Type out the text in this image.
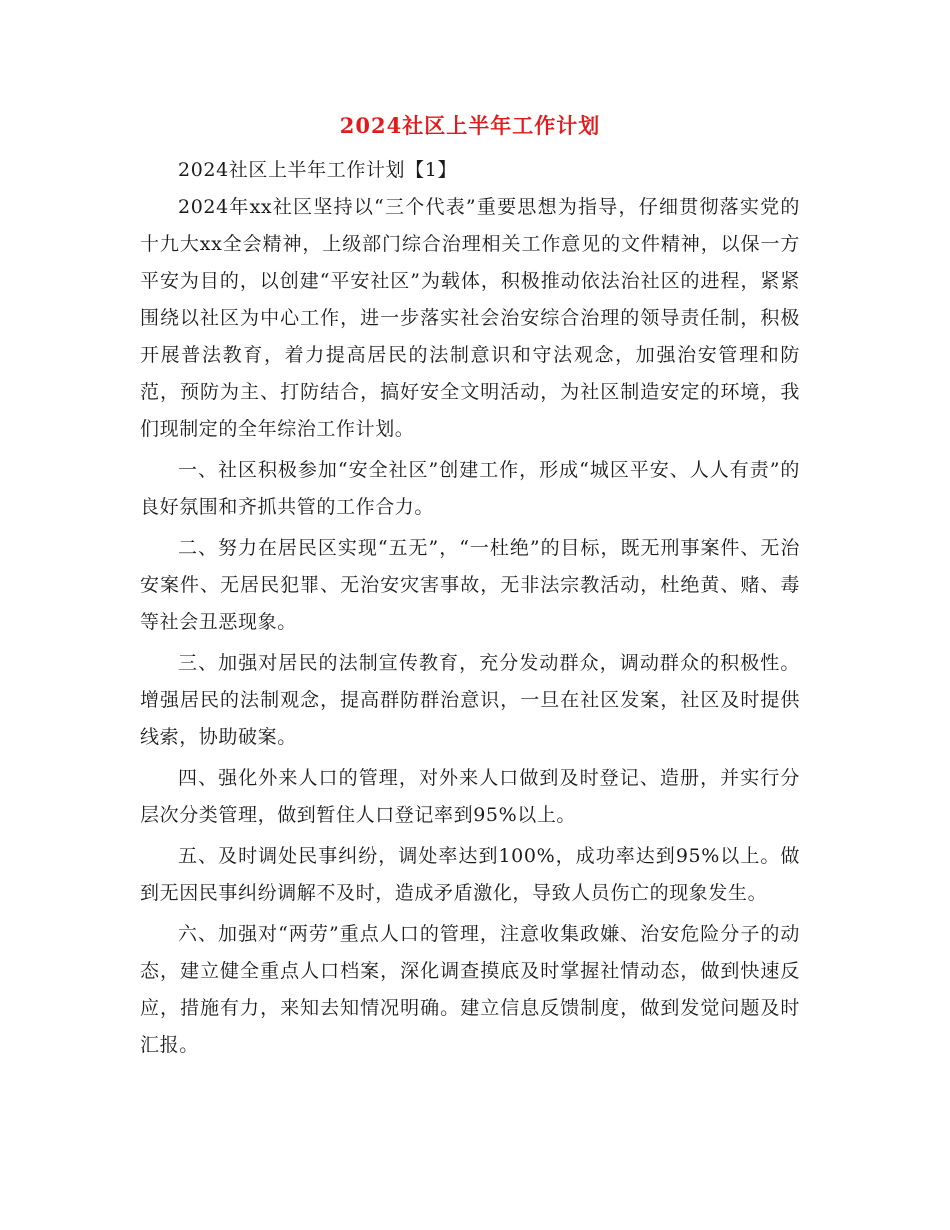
2024社区上半年工作计划

2024社区上半年工作计划【1】

2024年xx社区坚持以“三个代表”重要思想为指导，仔细贯彻落实党的十九大xx全会精神，上级部门综合治理相关工作意见的文件精神，以保一方平安为目的，以创建“平安社区”为载体，积极推动依法治社区的进程，紧紧围绕以社区为中心工作，进一步落实社会治安综合治理的领导责任制，积极开展普法教育，着力提高居民的法制意识和守法观念，加强治安管理和防范，预防为主、打防结合，搞好安全文明活动，为社区制造安定的环境，我们现制定的全年综治工作计划。

一、社区积极参加“安全社区”创建工作，形成“城区平安、人人有责”的良好氛围和齐抓共管的工作合力。

二、努力在居民区实现“五无”，“一杜绝”的目标，既无刑事案件、无治安案件、无居民犯罪、无治安灾害事故，无非法宗教活动，杜绝黄、赌、毒等社会丑恶现象。

三、加强对居民的法制宣传教育，充分发动群众，调动群众的积极性。增强居民的法制观念，提高群防群治意识，一旦在社区发案，社区及时提供线索，协助破案。

四、强化外来人口的管理，对外来人口做到及时登记、造册，并实行分层次分类管理，做到暂住人口登记率到95%以上。

五、及时调处民事纠纷，调处率达到100%，成功率达到95%以上。做到无因民事纠纷调解不及时，造成矛盾激化，导致人员伤亡的现象发生。

六、加强对“两劳”重点人口的管理，注意收集政嫌、治安危险分子的动态，建立健全重点人口档案，深化调查摸底及时掌握社情动态，做到快速反应，措施有力，来知去知情况明确。建立信息反馈制度，做到发觉问题及时汇报。
